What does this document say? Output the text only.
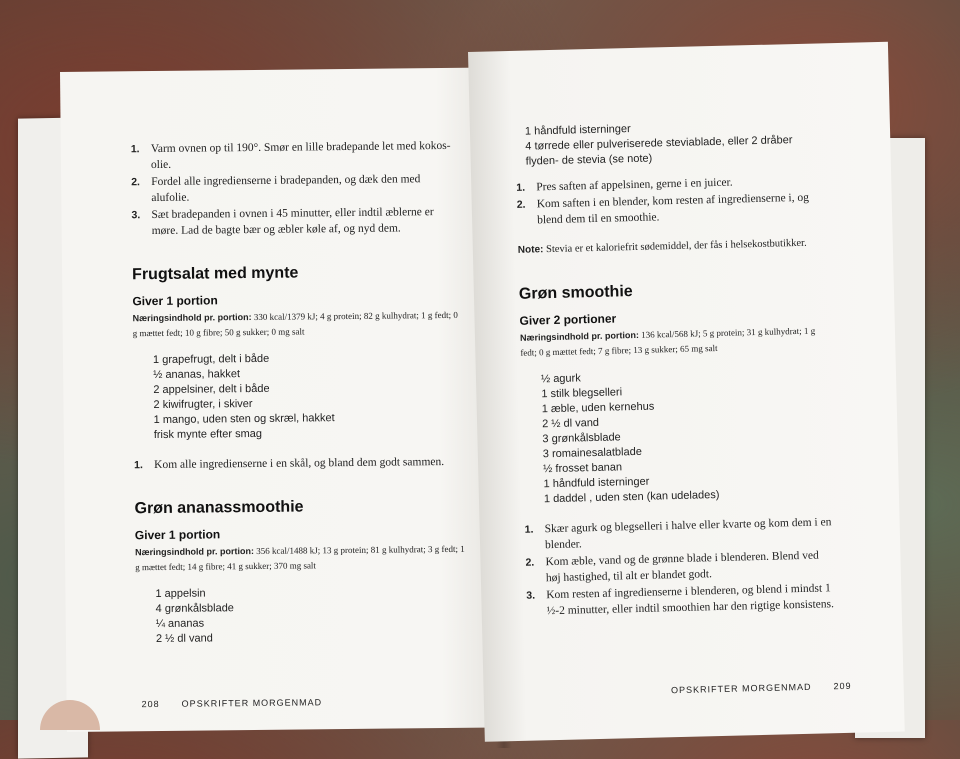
1. Varm ovnen op til 190°. Smør en lille bradepande let med kokos- olie.
2. Fordel alle ingredienserne i bradepanden, og dæk den med alufolie.
3. Sæt bradepanden i ovnen i 45 minutter, eller indtil æblerne er møre. Lad de bagte bær og æbler køle af, og nyd dem.
Frugtsalat med mynte
Giver 1 portion
Næringsindhold pr. portion: 330 kcal/1379 kJ; 4 g protein; 82 g kulhydrat; 1 g fedt; 0 g mættet fedt; 10 g fibre; 50 g sukker; 0 mg salt
1 grapefrugt, delt i både
½ ananas, hakket
2 appelsiner, delt i både
2 kiwifrugter, i skiver
1 mango, uden sten og skræl, hakket
frisk mynte efter smag
1. Kom alle ingredienserne i en skål, og bland dem godt sammen.
Grøn ananassmoothie
Giver 1 portion
Næringsindhold pr. portion: 356 kcal/1488 kJ; 13 g protein; 81 g kulhydrat; 3 g fedt; 1 g mættet fedt; 14 g fibre; 41 g sukker; 370 mg salt
1 appelsin
4 grønkålsblade
¼ ananas
2 ½ dl vand
208 OPSKRIFTER MORGENMAD
1 håndfuld isterninger
4 tørrede eller pulveriserede steviablade, eller 2 dråber flyden- de stevia (se note)
1. Pres saften af appelsinen, gerne i en juicer.
2. Kom saften i en blender, kom resten af ingredienserne i, og blend dem til en smoothie.
Note: Stevia er et kaloriefrit sødemiddel, der fås i helsekostbutikker.
Grøn smoothie
Giver 2 portioner
Næringsindhold pr. portion: 136 kcal/568 kJ; 5 g protein; 31 g kulhydrat; 1 g fedt; 0 g mættet fedt; 7 g fibre; 13 g sukker; 65 mg salt
½ agurk
1 stilk blegselleri
1 æble, uden kernehus
2 ½ dl vand
3 grønkålsblade
3 romainesalatblade
½ frosset banan
1 håndfuld isterninger
1 daddel , uden sten (kan udelades)
1. Skær agurk og blegselleri i halve eller kvarte og kom dem i en blender.
2. Kom æble, vand og de grønne blade i blenderen. Blend ved høj hastighed, til alt er blandet godt.
3. Kom resten af ingredienserne i blenderen, og blend i mindst 1 ½-2 minutter, eller indtil smoothien har den rigtige konsistens.
OPSKRIFTER MORGENMAD 209
